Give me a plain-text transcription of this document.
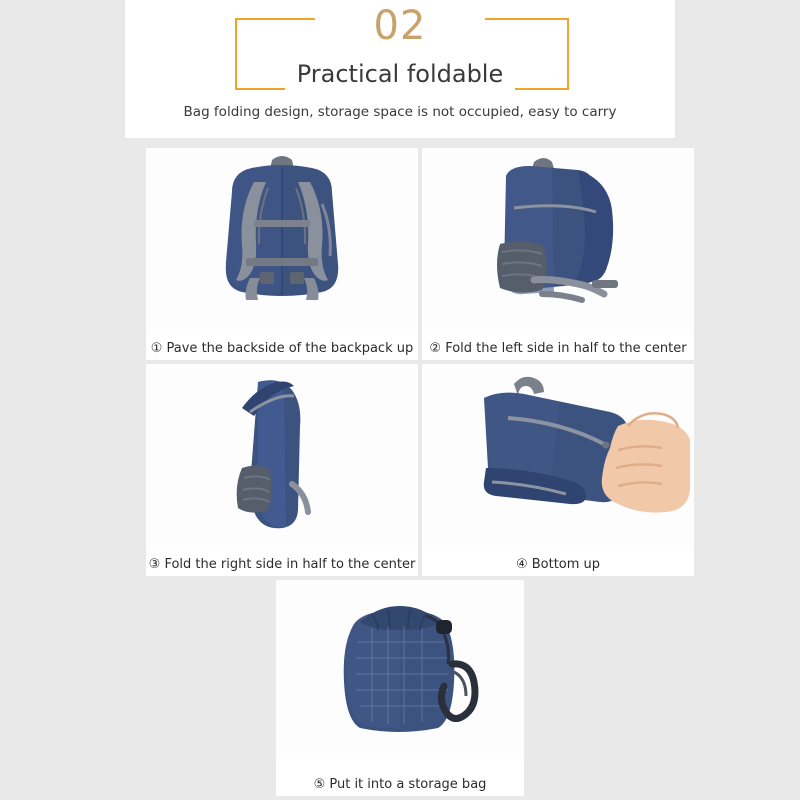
02
Practical foldable
Bag folding design, storage space is not occupied, easy to carry
① Pave the backside of the backpack up	② Fold the left side in half to the center
③ Fold the right side in half to the center	④ Bottom up
⑤ Put it into a storage bag
